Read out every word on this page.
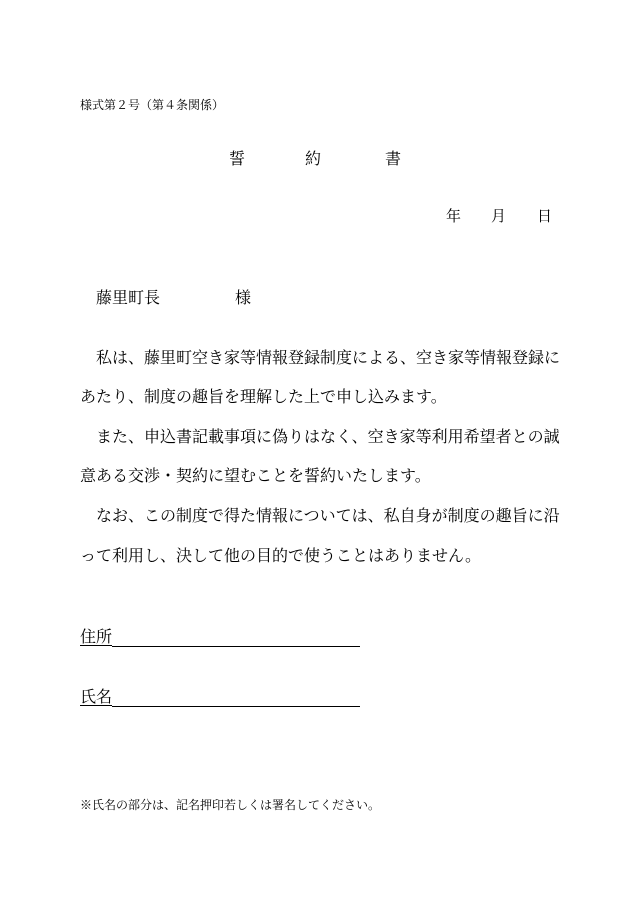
様式第２号（第４条関係）

誓	約	書
年 月 日
藤里町長	様

私は、藤里町空き家等情報登録制度による、空き家等情報登録に

あたり、制度の趣旨を理解した上で申し込みます。

また、申込書記載事項に偽りはなく、空き家等利用希望者との誠

意ある交渉・契約に望むことを誓約いたします。

なお、この制度で得た情報については、私自身が制度の趣旨に沿

って利用し、決して他の目的で使うことはありません。

住所
氏名

※氏名の部分は、記名押印若しくは署名してください。
